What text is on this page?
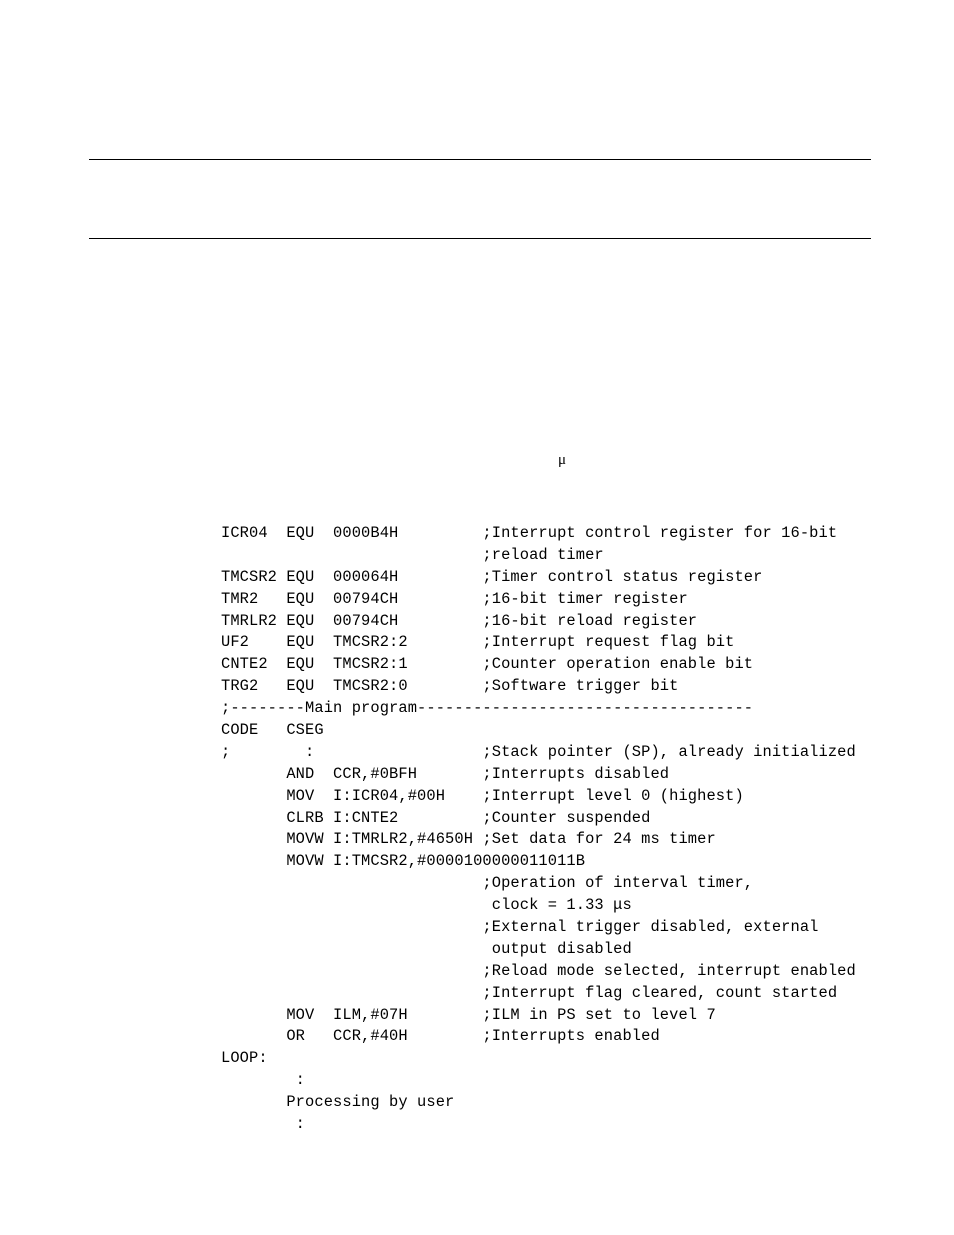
μ
ICR04  EQU  0000B4H         ;Interrupt control register for 16-bit
;reload timer
TMCSR2 EQU  000064H         ;Timer control status register
TMR2   EQU  00794CH         ;16-bit timer register
TMRLR2 EQU  00794CH         ;16-bit reload register
UF2    EQU  TMCSR2:2        ;Interrupt request flag bit
CNTE2  EQU  TMCSR2:1        ;Counter operation enable bit
TRG2   EQU  TMCSR2:0        ;Software trigger bit
;--------Main program------------------------------------
CODE   CSEG
;        :                  ;Stack pointer (SP), already initialized
AND  CCR,#0BFH       ;Interrupts disabled
MOV  I:ICR04,#00H    ;Interrupt level 0 (highest)
CLRB I:CNTE2         ;Counter suspended
MOVW I:TMRLR2,#4650H ;Set data for 24 ms timer
MOVW I:TMCSR2,#0000100000011011B
;Operation of interval timer,
clock = 1.33 μs
;External trigger disabled, external
output disabled
;Reload mode selected, interrupt enabled
;Interrupt flag cleared, count started
MOV  ILM,#07H        ;ILM in PS set to level 7
OR   CCR,#40H        ;Interrupts enabled
LOOP:
:
Processing by user
:
